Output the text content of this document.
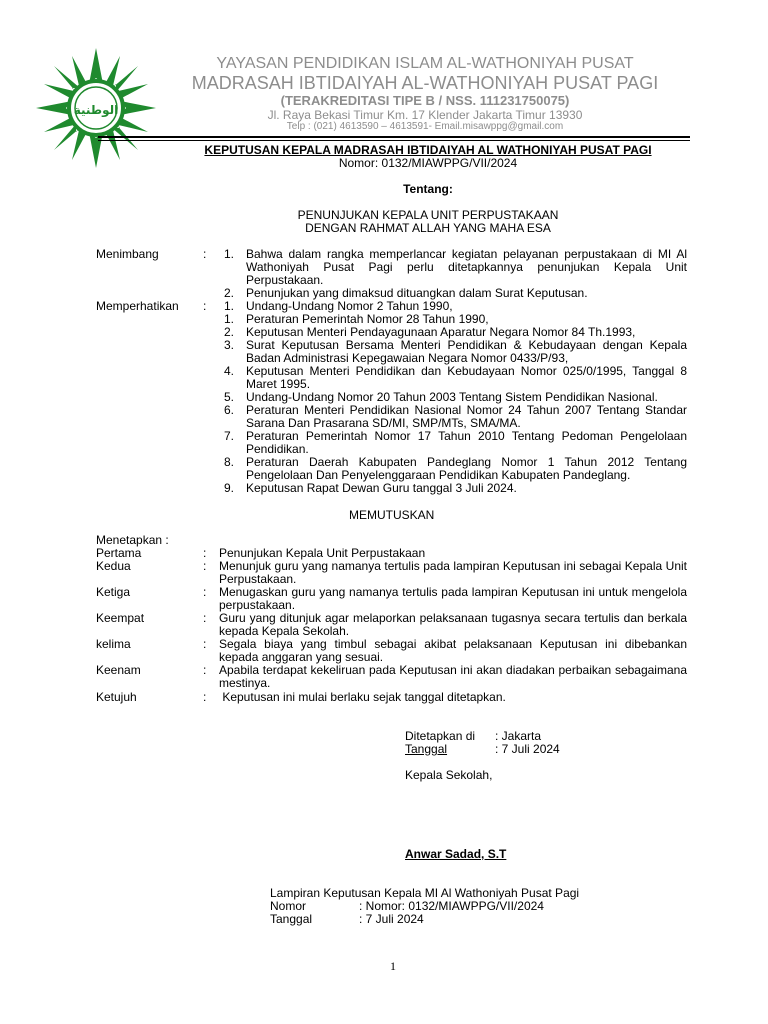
الوطنية
YAYASAN PENDIDIKAN ISLAM AL-WATHONIYAH PUSAT
MADRASAH IBTIDAIYAH AL-WATHONIYAH PUSAT PAGI
(TERAKREDITASI TIPE B / NSS. 111231750075)
Jl. Raya Bekasi Timur Km. 17 Klender Jakarta Timur 13930
Telp : (021) 4613590 – 4613591- Email.misawppg@gmail.com
KEPUTUSAN KEPALA MADRASAH IBTIDAIYAH AL WATHONIYAH PUSAT PAGI
Nomor: 0132/MIAWPPG/VII/2024
Tentang:
PENUNJUKAN KEPALA UNIT PERPUSTAKAAN
DENGAN RAHMAT ALLAH YANG MAHA ESA
Menimbang	:	1. Bahwa dalam rangka memperlancar kegiatan pelayanan perpustakaan di MI Al Wathoniyah Pusat Pagi perlu ditetapkannya penunjukan Kepala Unit Perpustakaan.
2. Penunjukan yang dimaksud dituangkan dalam Surat Keputusan.
Memperhatikan :	1. Undang-Undang Nomor 2 Tahun 1990,
1. Peraturan Pemerintah Nomor 28 Tahun 1990,
2. Keputusan Menteri Pendayagunaan Aparatur Negara Nomor 84 Th.1993,
3. Surat Keputusan Bersama Menteri Pendidikan & Kebudayaan dengan Kepala Badan Administrasi Kepegawaian Negara Nomor 0433/P/93,
4. Keputusan Menteri Pendidikan dan Kebudayaan Nomor 025/0/1995, Tanggal 8 Maret 1995.
5. Undang-Undang Nomor 20 Tahun 2003 Tentang Sistem Pendidikan Nasional.
6. Peraturan Menteri Pendidikan Nasional Nomor 24 Tahun 2007 Tentang Standar Sarana Dan Prasarana SD/MI, SMP/MTs, SMA/MA.
7. Peraturan Pemerintah Nomor 17 Tahun 2010 Tentang Pedoman Pengelolaan Pendidikan.
8. Peraturan Daerah Kabupaten Pandeglang Nomor 1 Tahun 2012 Tentang Pengelolaan Dan Penyelenggaraan Pendidikan Kabupaten Pandeglang.
9. Keputusan Rapat Dewan Guru tanggal 3 Juli 2024.
MEMUTUSKAN
Menetapkan :
Pertama	: Penunjukan Kepala Unit Perpustakaan
Kedua	: Menunjuk guru yang namanya tertulis pada lampiran Keputusan ini sebagai Kepala Unit Perpustakaan.
Ketiga	: Menugaskan guru yang namanya tertulis pada lampiran Keputusan ini untuk mengelola perpustakaan.
Keempat	: Guru yang ditunjuk agar melaporkan pelaksanaan tugasnya secara tertulis dan berkala kepada Kepala Sekolah.
kelima	: Segala biaya yang timbul sebagai akibat pelaksanaan Keputusan ini dibebankan kepada anggaran yang sesuai.
Keenam	: Apabila terdapat kekeliruan pada Keputusan ini akan diadakan perbaikan sebagaimana mestinya.
Ketujuh	: Keputusan ini mulai berlaku sejak tanggal ditetapkan.
Ditetapkan di : Jakarta
Tanggal	: 7 Juli 2024
Kepala Sekolah,
Anwar Sadad, S.T
Lampiran Keputusan Kepala MI Al Wathoniyah Pusat Pagi
Nomor	: Nomor: 0132/MIAWPPG/VII/2024
Tanggal	: 7 Juli 2024
1
